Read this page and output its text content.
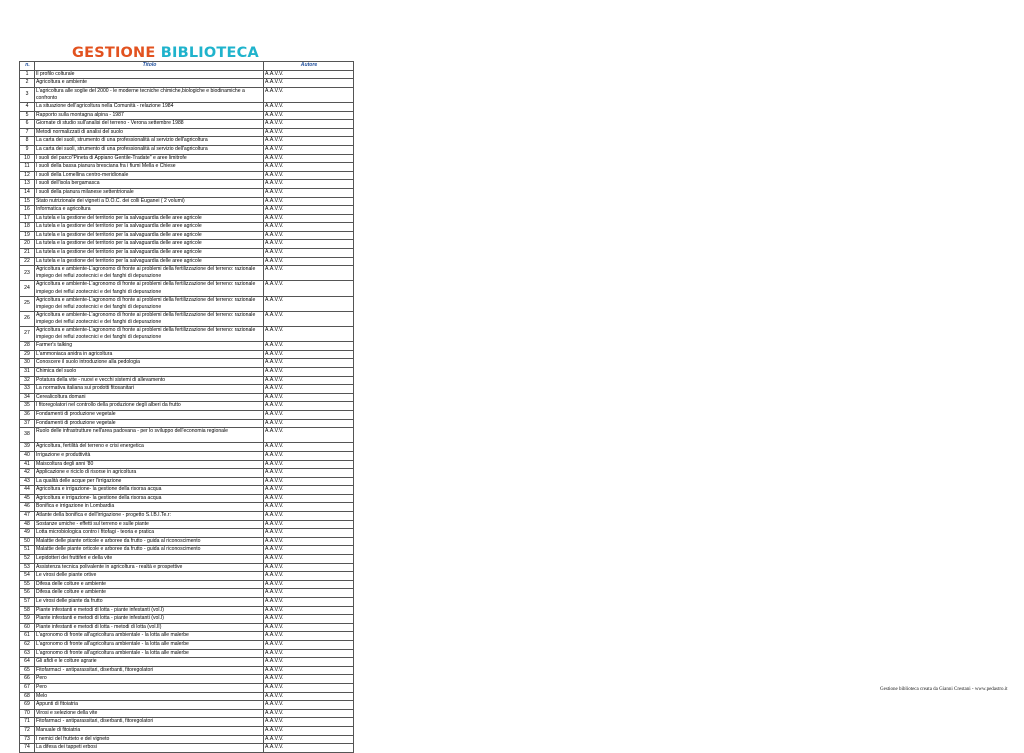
GESTIONE BIBLIOTECA
n.	Titolo	Autore
1	Il profilo colturale	A.A.V.V.
2	Agricoltura e ambiente	A.A.V.V.
3	L'agricoltura alle soglie del 2000 - le moderne tecniche chimiche,biologiche e biodinamiche a confronto	A.A.V.V.
4	La situazione dell'agricoltura nella Comunità - relazione 1984	A.A.V.V.
5	Rapporto sulla montagna alpina - 1987	A.A.V.V.
6	Giornate di studio sull'analisi del terreno - Verona settembre 1988	A.A.V.V.
7	Metodi normalizzati di analisi del suolo	A.A.V.V.
8	La carta dei suoli, strumento di una professionalità al servizio dell'agricoltura	A.A.V.V.
9	La carta dei suoli, strumento di una professionalità al servizio dell'agricoltura	A.A.V.V.
10	I suoli del parco"Pineta di Appiano Gentile-Tradate" e aree limitrofe	A.A.V.V.
11	I suoli della bassa pianura bresciana fra i fiumi Mella e Chiese	A.A.V.V.
12	I suoli della Lomellina centro-meridionale	A.A.V.V.
13	I suoli dell'isola bergamasca	A.A.V.V.
14	I suoli della pianura milanese settentrionale	A.A.V.V.
15	Stato nutrizionale dei vigneti a D.O.C. dei colli Euganei ( 2 volumi)	A.A.V.V.
16	Informatica e agricoltura	A.A.V.V.
17	La tutela e la gestione del territorio per la salvaguardia delle aree agricole	A.A.V.V.
18	La tutela e la gestione del territorio per la salvaguardia delle aree agricole	A.A.V.V.
19	La tutela e la gestione del territorio per la salvaguardia delle aree agricole	A.A.V.V.
20	La tutela e la gestione del territorio per la salvaguardia delle aree agricole	A.A.V.V.
21	La tutela e la gestione del territorio per la salvaguardia delle aree agricole	A.A.V.V.
22	La tutela e la gestione del territorio per la salvaguardia delle aree agricole	A.A.V.V.
23	Agricoltura e ambiente-L'agronomo di fronte ai problemi della fertilizzazione del terreno: razionale impiego dei reflui zootecnici e dei fanghi di depurazione	A.A.V.V.
24	Agricoltura e ambiente-L'agronomo di fronte ai problemi della fertilizzazione del terreno: razionale impiego dei reflui zootecnici e dei fanghi di depurazione	A.A.V.V.
25	Agricoltura e ambiente-L'agronomo di fronte ai problemi della fertilizzazione del terreno: razionale impiego dei reflui zootecnici e dei fanghi di depurazione	A.A.V.V.
26	Agricoltura e ambiente-L'agronomo di fronte ai problemi della fertilizzazione del terreno: razionale impiego dei reflui zootecnici e dei fanghi di depurazione	A.A.V.V.
27	Agricoltura e ambiente-L'agronomo di fronte ai problemi della fertilizzazione del terreno: razionale impiego dei reflui zootecnici e dei fanghi di depurazione	A.A.V.V.
28	Farmer's talking	A.A.V.V.
29	L'ammoniaca anidra in agricoltura	A.A.V.V.
30	Conoscere il suolo introduzione alla pedologia	A.A.V.V.
31	Chimica del suolo	A.A.V.V.
32	Potatura della vite - nuovi e vecchi sistemi di allevamento	A.A.V.V.
33	La normativa italiana sui prodotti fitosanitari	A.A.V.V.
34	Cerealicoltura domani	A.A.V.V.
35	I fitoregolatori nel controllo della produzione degli alberi da frutto	A.A.V.V.
36	Fondamenti di produzione vegetale	A.A.V.V.
37	Fondamenti di produzione vegetale	A.A.V.V.
38	Ruolo delle infrastrutture nell'area padovana - per lo sviluppo dell'economia regionale	A.A.V.V.
39	Agricoltura, fertilità del terreno e crisi energetica	A.A.V.V.
40	Irrigazione e produttività	A.A.V.V.
41	Maiscoltura degli anni '80	A.A.V.V.
42	Applicazione e riciclo di risorse in agricoltura	A.A.V.V.
43	La qualità delle acque per l'irrigazione	A.A.V.V.
44	Agricoltura e irrigazione- la gestione della risorsa acqua	A.A.V.V.
45	Agricoltura e irrigazione- la gestione della risorsa acqua	A.A.V.V.
46	Bonifica e irrigazione in Lombardia	A.A.V.V.
47	Atlante della bonifica e dell'irrigazione - progetto S.I.B.I.Te.r:	A.A.V.V.
48	Sostanze umiche - effetti sul terreno e sulle piante	A.A.V.V.
49	Lotta microbiologica contro i fitofagi - teoria e pratica	A.A.V.V.
50	Malattie delle piante orticole e arboree da frutto - guida al riconoscimento	A.A.V.V.
51	Malattie delle piante orticole e arboree da frutto - guida al riconoscimento	A.A.V.V.
52	Lepidotteri dei fruttiferi e della vite	A.A.V.V.
53	Assistenza tecnica polivalente in agricoltura - realtà e prospettive	A.A.V.V.
54	Le virosi delle piante ortive	A.A.V.V.
55	Difesa delle colture e ambiente	A.A.V.V.
56	Difesa delle colture e ambiente	A.A.V.V.
57	Le virosi delle piante da frutto	A.A.V.V.
58	Piante infestanti e metodi di lotta - piante infestanti (vol.I)	A.A.V.V.
59	Piante infestanti e metodi di lotta - piante infestanti (vol.I)	A.A.V.V.
60	Piante infestanti e metodi di lotta - metodi di lotta (vol.II)	A.A.V.V.
61	L'agronomo di fronte all'agricoltura ambientale - la lotta alle malerbe	A.A.V.V.
62	L'agronomo di fronte all'agricoltura ambientale - la lotta alle malerbe	A.A.V.V.
63	L'agronomo di fronte all'agricoltura ambientale - la lotta alle malerbe	A.A.V.V.
64	Gli afidi e le colture agrarie	A.A.V.V.
65	Fitofarmaci - antiparassitari, diserbanti, fitoregolatori	A.A.V.V.
66	Pero	A.A.V.V.
67	Pero	A.A.V.V.
68	Melo	A.A.V.V.
69	Appunti di fitoiatria	A.A.V.V.
70	Virosi e selezione della vite	A.A.V.V.
71	Fitofarmaci - antiparassitari, diserbanti, fitoregolatori	A.A.V.V.
72	Manuale di fitoiatria	A.A.V.V.
73	I nemici del frutteto e del vigneto	A.A.V.V.
74	La difesa dei tappeti erbosi	A.A.V.V.
Gestione biblioteca creata da Gianni Crestani - www.pedastro.it
